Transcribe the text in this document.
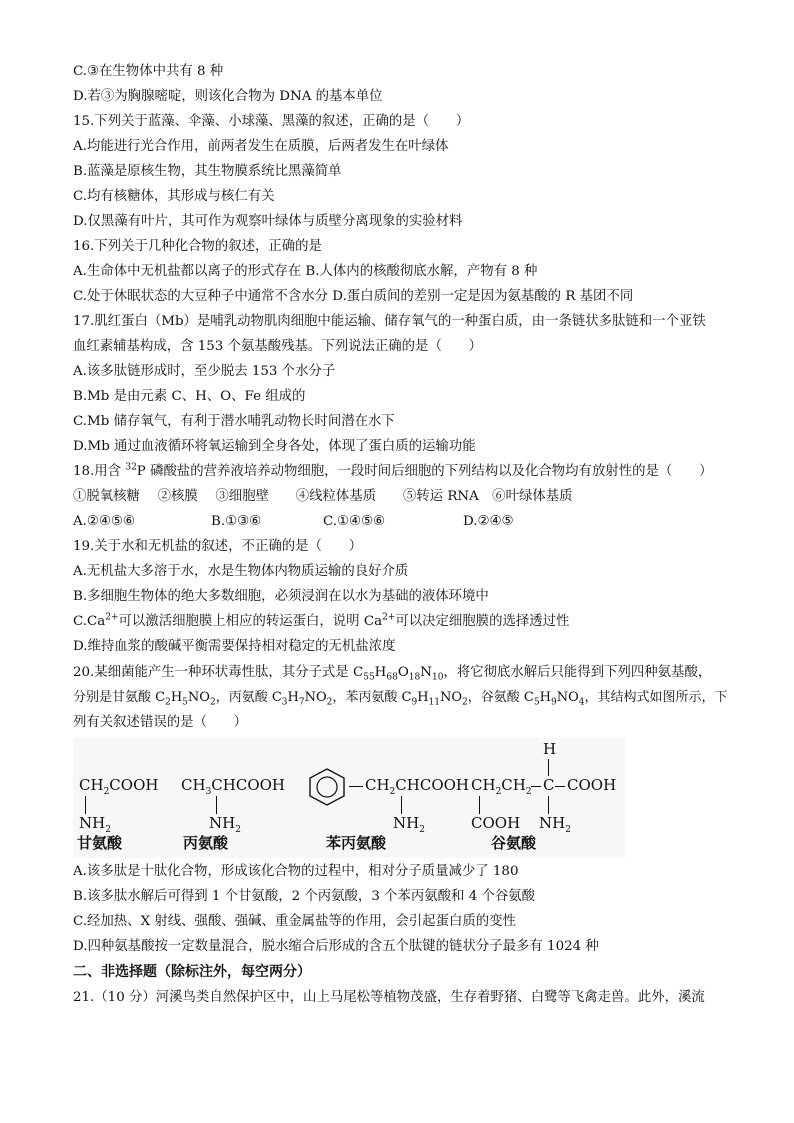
C.③在生物体中共有 8 种
D.若③为胸腺嘧啶，则该化合物为 DNA 的基本单位
15.下列关于蓝藻、伞藻、小球藻、黑藻的叙述，正确的是（　　）
A.均能进行光合作用，前两者发生在质膜，后两者发生在叶绿体
B.蓝藻是原核生物，其生物膜系统比黑藻简单
C.均有核糖体，其形成与核仁有关
D.仅黑藻有叶片，其可作为观察叶绿体与质壁分离现象的实验材料
16.下列关于几种化合物的叙述，正确的是
A.生命体中无机盐都以离子的形式存在 B.人体内的核酸彻底水解，产物有 8 种
C.处于休眠状态的大豆种子中通常不含水分 D.蛋白质间的差别一定是因为氨基酸的 R 基团不同
17.肌红蛋白（Mb）是哺乳动物肌肉细胞中能运输、储存氧气的一种蛋白质，由一条链状多肽链和一个亚铁
血红素辅基构成，含 153 个氨基酸残基。下列说法正确的是（　　）
A.该多肽链形成时，至少脱去 153 个水分子
B.Mb 是由元素 C、H、O、Fe 组成的
C.Mb 储存氧气，有利于潜水哺乳动物长时间潜在水下
D.Mb 通过血液循环将氧运输到全身各处，体现了蛋白质的运输功能
18.用含 $^{32}$P 磷酸盐的营养液培养动物细胞，一段时间后细胞的下列结构以及化合物均有放射性的是（　　）
①脱氧核糖　 ②核膜　 ③细胞壁　　④线粒体基质　　⑤转运 RNA　⑥叶绿体基质
A.②④⑤⑥	B.①③⑥	C.①④⑤⑥	D.②④⑤
19.关于水和无机盐的叙述，不正确的是（　　）
A.无机盐大多溶于水，水是生物体内物质运输的良好介质
B.多细胞生物体的绝大多数细胞，必须浸润在以水为基础的液体环境中
$C.Ca^{2+}$可以激活细胞膜上相应的转运蛋白，说明 $Ca^{2+}$可以决定细胞膜的选择透过性
D.维持血浆的酸碱平衡需要保持相对稳定的无机盐浓度
20.某细菌能产生一种环状毒性肽，其分子式是 $C_{55}H_{68}O_{18}N_{10}$，将它彻底水解后只能得到下列四种氨基酸，
分别是甘氨酸 $C_2H_5NO_2$，丙氨酸 $C_3H_7NO_2$，苯丙氨酸 $C_9H_{11}NO_2$，谷氨酸 $C_5H_9NO_4$，其结构式如图所示，下
列有关叙述错误的是（　　）
$CH_2COOH$
$NH_2$
甘氨酸
$CH_3CHCOOH$
$NH_2$
丙氨酸
$CH_2CHCOOH$
$NH_2$
苯丙氨酸
H
$CH_2CH_2$ C COOH
COOH $NH_2$
谷氨酸
A.该多肽是十肽化合物，形成该化合物的过程中，相对分子质量减少了 180
B.该多肽水解后可得到 1 个甘氨酸，2 个丙氨酸，3 个苯丙氨酸和 4 个谷氨酸
C.经加热、X 射线、强酸、强碱、重金属盐等的作用，会引起蛋白质的变性
D.四种氨基酸按一定数量混合，脱水缩合后形成的含五个肽键的链状分子最多有 1024 种
二、非选择题（除标注外，每空两分）
21.（10 分）河溪鸟类自然保护区中，山上马尾松等植物茂盛，生存着野猪、白鹭等飞禽走兽。此外，溪流
